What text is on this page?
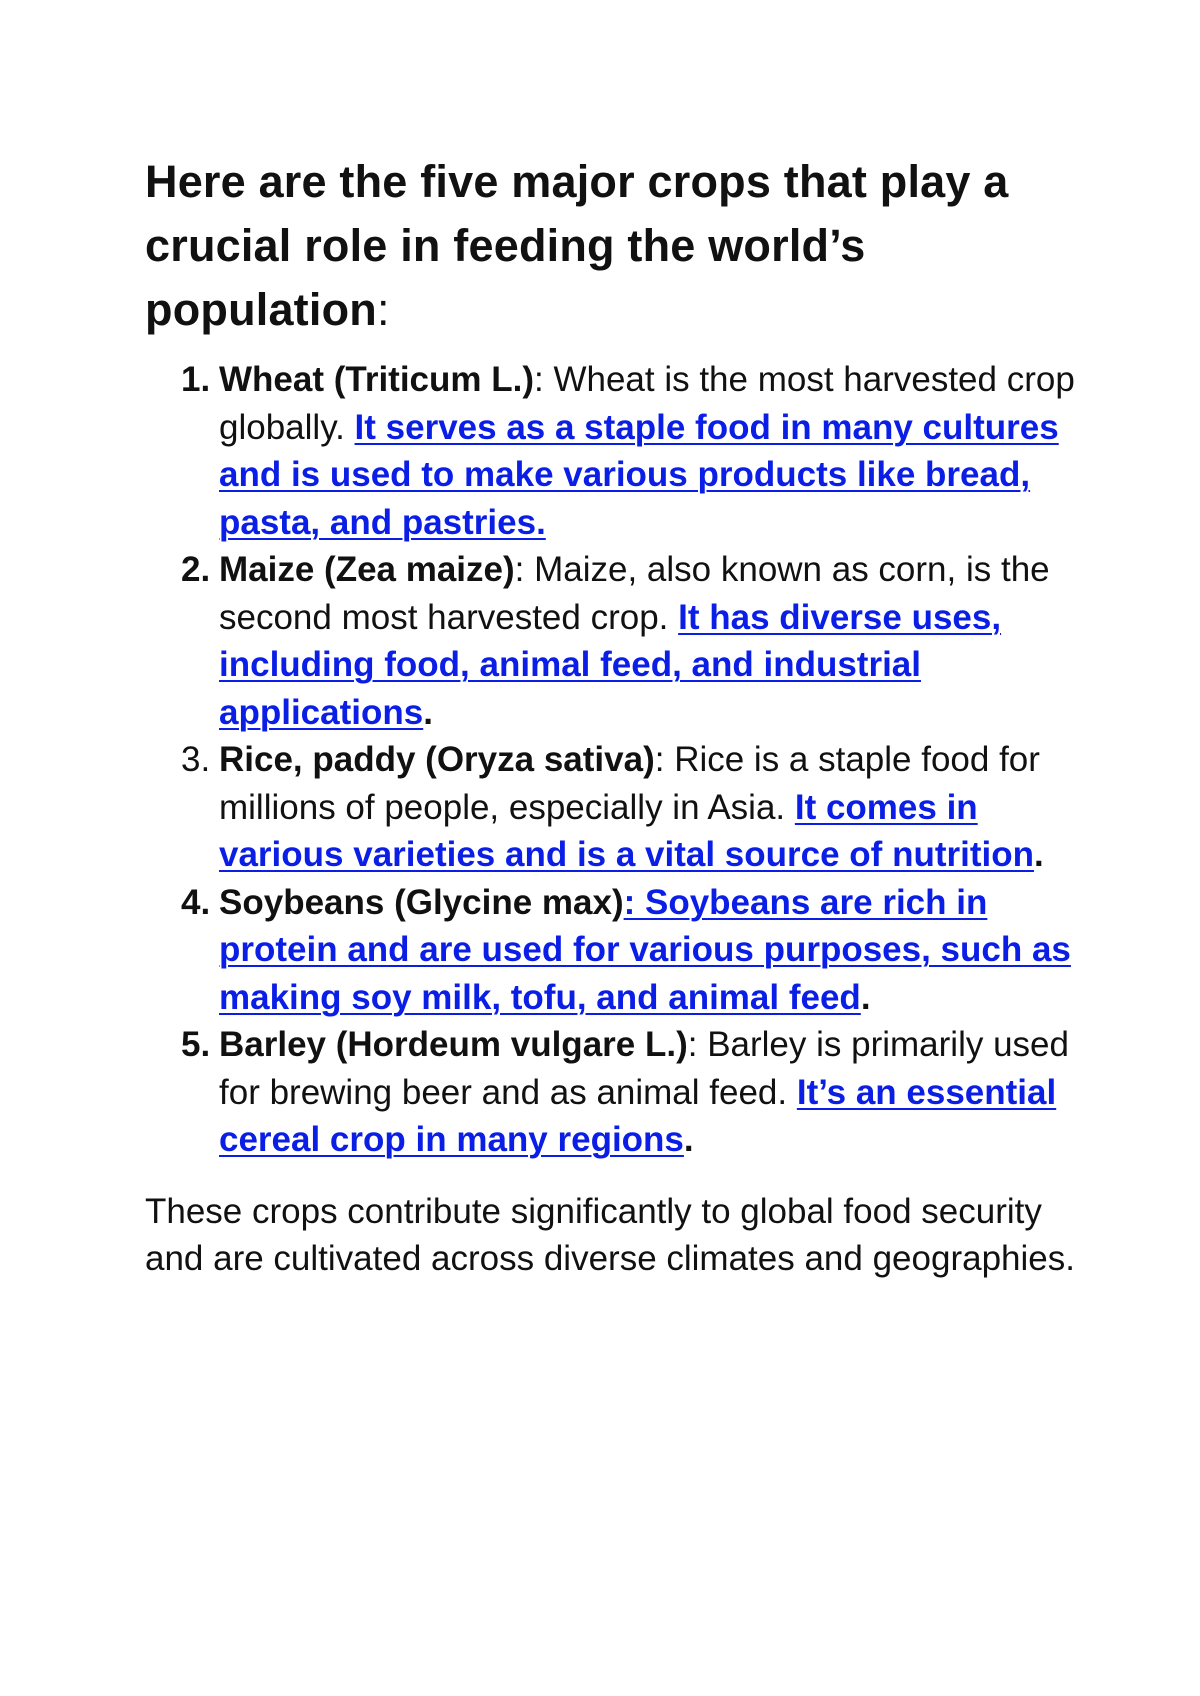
Here are the five major crops that play a crucial role in feeding the world’s population:
1. Wheat (Triticum L.): Wheat is the most harvested crop globally. It serves as a staple food in many cultures and is used to make various products like bread, pasta, and pastries.
2. Maize (Zea maize): Maize, also known as corn, is the second most harvested crop. It has diverse uses, including food, animal feed, and industrial applications.
3. Rice, paddy (Oryza sativa): Rice is a staple food for millions of people, especially in Asia. It comes in various varieties and is a vital source of nutrition.
4. Soybeans (Glycine max): Soybeans are rich in protein and are used for various purposes, such as making soy milk, tofu, and animal feed.
5. Barley (Hordeum vulgare L.): Barley is primarily used for brewing beer and as animal feed. It’s an essential cereal crop in many regions.

These crops contribute significantly to global food security and are cultivated across diverse climates and geographies.
